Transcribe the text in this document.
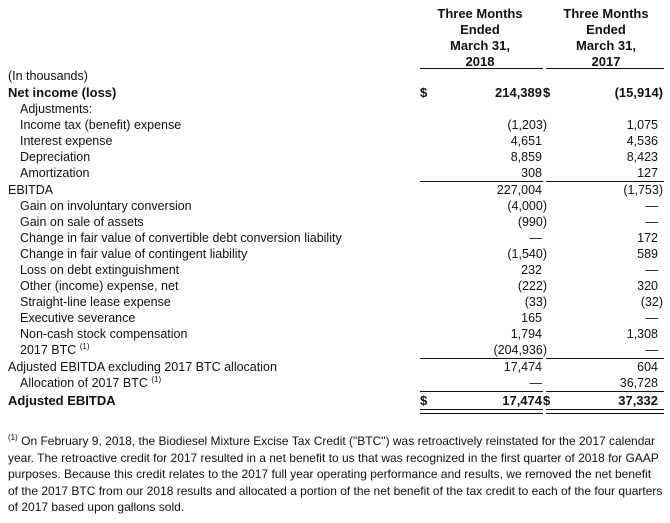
Three Months
Ended
March 31,
2018
Three Months
Ended
March 31,
2017
(In thousands)
Net income (loss)	$	214,389 $	(15,914)
Adjustments:
Income tax (benefit) expense	(1,203)	1,075
Interest expense	4,651	4,536
Depreciation	8,859	8,423
Amortization	308	127
EBITDA	227,004	(1,753)
Gain on involuntary conversion	(4,000)	—
Gain on sale of assets	(990)	—
Change in fair value of convertible debt conversion liability	—	172
Change in fair value of contingent liability	(1,540)	589
Loss on debt extinguishment	232	—
Other (income) expense, net	(222)	320
Straight-line lease expense	(33)	(32)
Executive severance	165	—
Non-cash stock compensation	1,794	1,308
2017 BTC $^{(1)}$	(204,936)	—
Adjusted EBITDA excluding 2017 BTC allocation	17,474	604
Allocation of 2017 BTC $^{(1)}$	—	36,728
Adjusted EBITDA	$	17,474 $	37,332
$^{(1)}$ On February 9, 2018, the Biodiesel Mixture Excise Tax Credit ("BTC") was retroactively reinstated for the 2017 calendar year. The retroactive credit for 2017 resulted in a net benefit to us that was recognized in the first quarter of 2018 for GAAP purposes. Because this credit relates to the 2017 full year operating performance and results, we removed the net benefit of the 2017 BTC from our 2018 results and allocated a portion of the net benefit of the tax credit to each of the four quarters of 2017 based upon gallons sold.
